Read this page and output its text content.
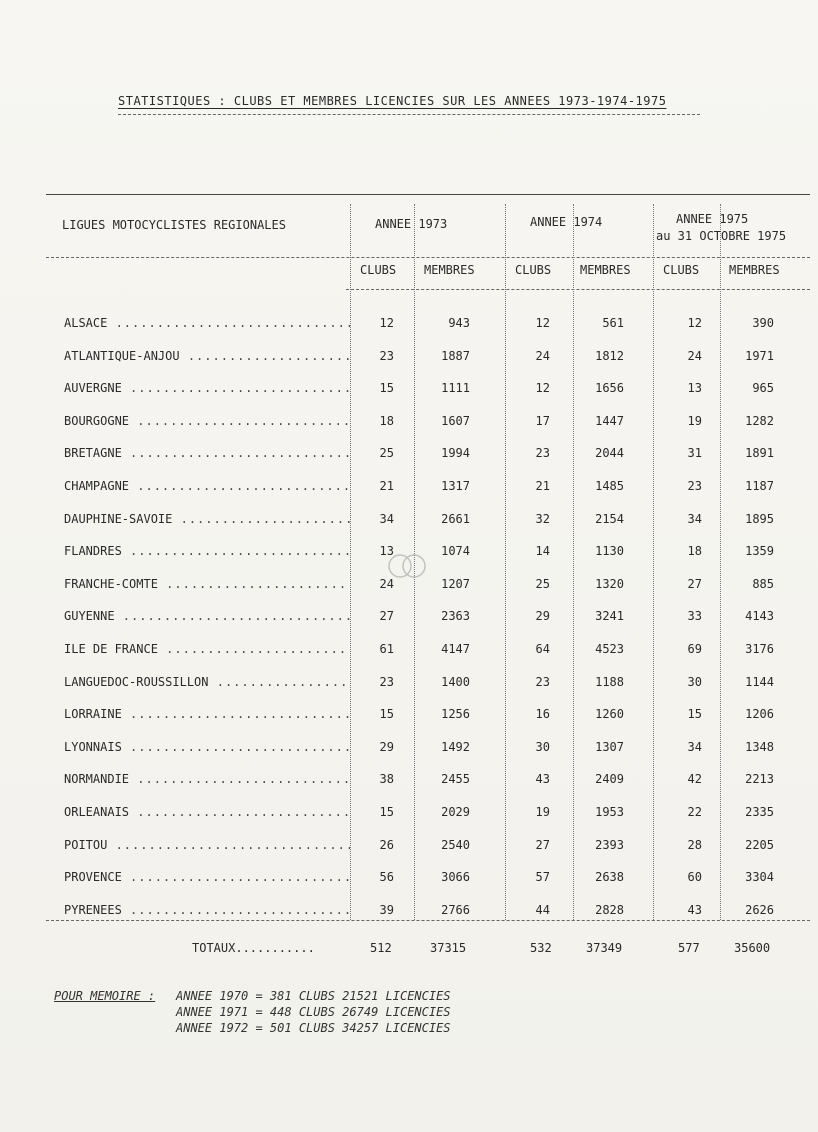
STATISTIQUES : CLUBS ET MEMBRES LICENCIES SUR LES ANNEES 1973-1974-1975
LIGUES MOTOCYCLISTES REGIONALES	ANNEE 1973	ANNEE 1974	ANNEE 1975
au 31 OCTOBRE 1975
CLUBS MEMBRES	CLUBS MEMBRES	CLUBS MEMBRES
ALSACE .....	12	943	12	561	12	390
ATLANTIQUE-ANJOU .....	23	1887	24	1812	24	1971
AUVERGNE .....	15	1111	12	1656	13	965
BOURGOGNE .....	18	1607	17	1447	19	1282
BRETAGNE .....	25	1994	23	2044	31	1891
CHAMPAGNE .....	21	1317	21	1485	23	1187
DAUPHINE-SAVOIE .....	34	2661	32	2154	34	1895
FLANDRES .....	13	1074	14	1130	18	1359
FRANCHE-COMTE .....	24	1207	25	1320	27	885
GUYENNE .....	27	2363	29	3241	33	4143
ILE DE FRANCE .....	61	4147	64	4523	69	3176
LANGUEDOC-ROUSSILLON .....	23	1400	23	1188	30	1144
LORRAINE .....	15	1256	16	1260	15	1206
LYONNAIS .....	29	1492	30	1307	34	1348
NORMANDIE .....	38	2455	43	2409	42	2213
ORLEANAIS .....	15	2029	19	1953	22	2335
POITOU .....	26	2540	27	2393	28	2205
PROVENCE .....	56	3066	57	2638	60	3304
PYRENEES .....	39	2766	44	2828	43	2626
TOTAUX...........	512	37315	532	37349	577	35600
POUR MEMOIRE : ANNEE 1970 = 381 CLUBS 21521 LICENCIES
ANNEE 1971 = 448 CLUBS 26749 LICENCIES
ANNEE 1972 = 501 CLUBS 34257 LICENCIES
